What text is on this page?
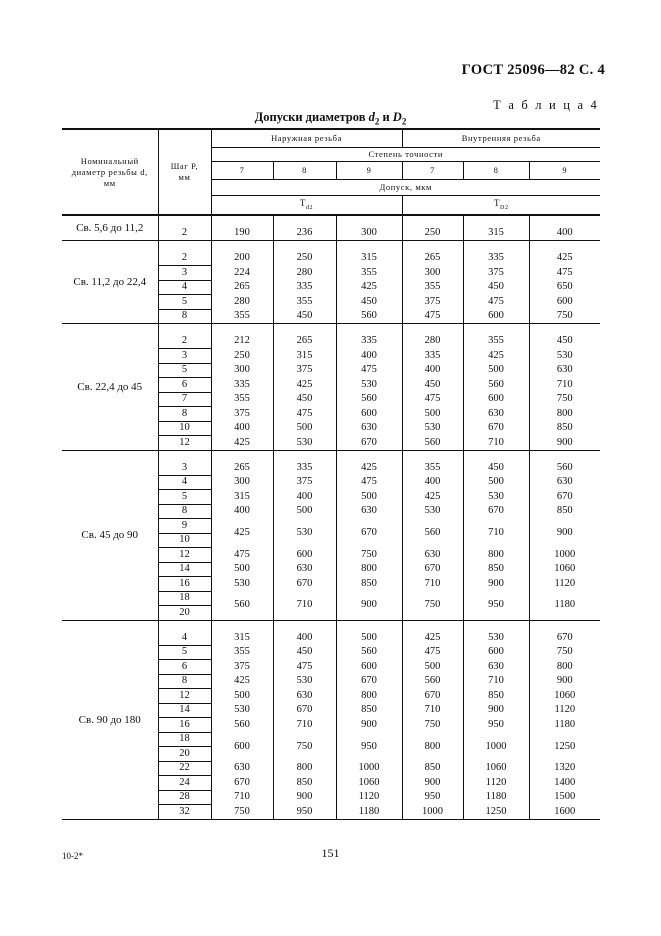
ГОСТ 25096—82 С. 4
Т а б л и ц а 4
Допуски диаметров $d_2$ и $D_2$
Номинальный диаметр резьбы d, мм	Шаг P, мм	Наружная резьба			Внутренняя резьба		
		Степень точности					
		7	8	9	7	8	9
		Допуск, мкм					
		$T_{d2}$			$T_{D2}$
Св. 5,6 до 11,2							
	2	190	236	300	250	315	400
Св. 11,2 до 22,4							
	2	200	250	315	265	335	425
	3	224	280	355	300	375	475
	4	265	335	425	355	450	650
	5	280	355	450	375	475	600
	8	355	450	560	475	600	750
Св. 22,4 до 45							
	2	212	265	335	280	355	450
	3	250	315	400	335	425	530
	5	300	375	475	400	500	630
	6	335	425	530	450	560	710
	7	355	450	560	475	600	750
	8	375	475	600	500	630	800
	10	400	500	630	530	670	850
	12	425	530	670	560	710	900
Св. 45 до 90							
	3	265	335	425	355	450	560
	4	300	375	475	400	500	630
	5	315	400	500	425	530	670
	8	400	500	630	530	670	850
	9	425	530	670	560	710	900
	10						
	12	475	600	750	630	800	1000
	14	500	630	800	670	850	1060
	16	530	670	850	710	900	1120
	18	560	710	900	750	950	1180
	20						
Св. 90 до 180							
	4	315	400	500	425	530	670
	5	355	450	560	475	600	750
	6	375	475	600	500	630	800
	8	425	530	670	560	710	900
	12	500	630	800	670	850	1060
	14	530	670	850	710	900	1120
	16	560	710	900	750	950	1180
	18	600	750	950	800	1000	1250
	20						
	22	630	800	1000	850	1060	1320
	24	670	850	1060	900	1120	1400
	28	710	900	1120	950	1180	1500
	32	750	950	1180	1000	1250	1600
10-2*	151
